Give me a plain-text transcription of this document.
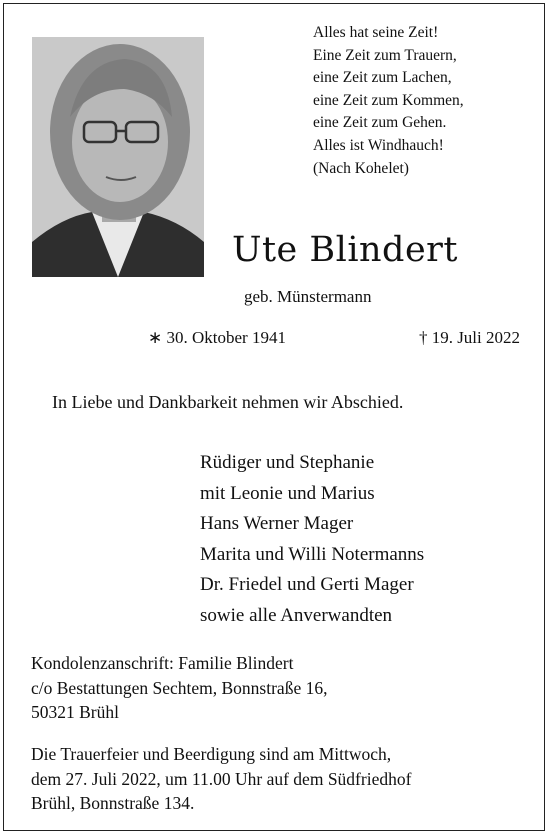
Alles hat seine Zeit!
Eine Zeit zum Trauern,
eine Zeit zum Lachen,
eine Zeit zum Kommen,
eine Zeit zum Gehen.
Alles ist Windhauch!
(Nach Kohelet)
Ute Blindert
geb. Münstermann
∗ 30. Oktober 1941	† 19. Juli 2022
In Liebe und Dankbarkeit nehmen wir Abschied.
Rüdiger und Stephanie
mit Leonie und Marius
Hans Werner Mager
Marita und Willi Notermanns
Dr. Friedel und Gerti Mager
sowie alle Anverwandten
Kondolenzanschrift: Familie Blindert
c/o Bestattungen Sechtem, Bonnstraße 16,
50321 Brühl
Die Trauerfeier und Beerdigung sind am Mittwoch,
dem 27. Juli 2022, um 11.00 Uhr auf dem Südfriedhof
Brühl, Bonnstraße 134.
